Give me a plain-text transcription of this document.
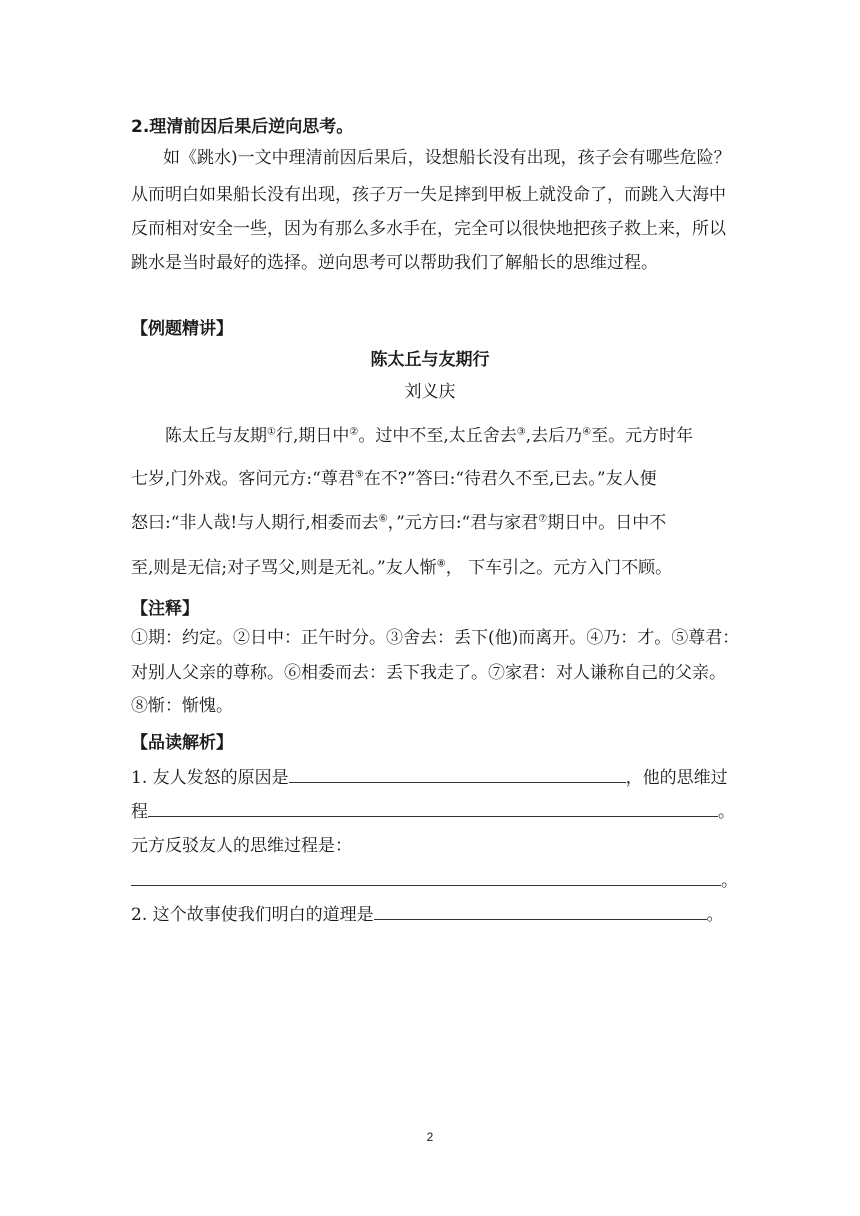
2.理清前因后果后逆向思考。
如《跳水)一文中理清前因后果后，设想船长没有出现，孩子会有哪些危险？
从而明白如果船长没有出现，孩子万一失足摔到甲板上就没命了，而跳入大海中
反而相对安全一些，因为有那么多水手在，完全可以很快地把孩子救上来，所以
跳水是当时最好的选择。逆向思考可以帮助我们了解船长的思维过程。
【例题精讲】
陈太丘与友期行
刘义庆
陈太丘与友期①行,期日中②。过中不至,太丘舍去③,去后乃④至。元方时年
七岁,门外戏。客问元方:“尊君⑤在不?”答曰:“待君久不至,已去。”友人便
怒曰:“非人哉!与人期行,相委而去⑥，”元方曰:“君与家君⑦期日中。日中不
至,则是无信;对子骂父,则是无礼。”友人惭⑧， 下车引之。元方入门不顾。
【注释】
①期：约定。②日中：正午时分。③舍去：丢下(他)而离开。④乃：才。⑤尊君：
对别人父亲的尊称。⑥相委而去：丢下我走了。⑦家君：对人谦称自己的父亲。
⑧惭：惭愧。
【品读解析】
1. 友人发怒的原因是	，他的思维过
程	。
元方反驳友人的思维过程是：
。
2. 这个故事使我们明白的道理是	。
2
